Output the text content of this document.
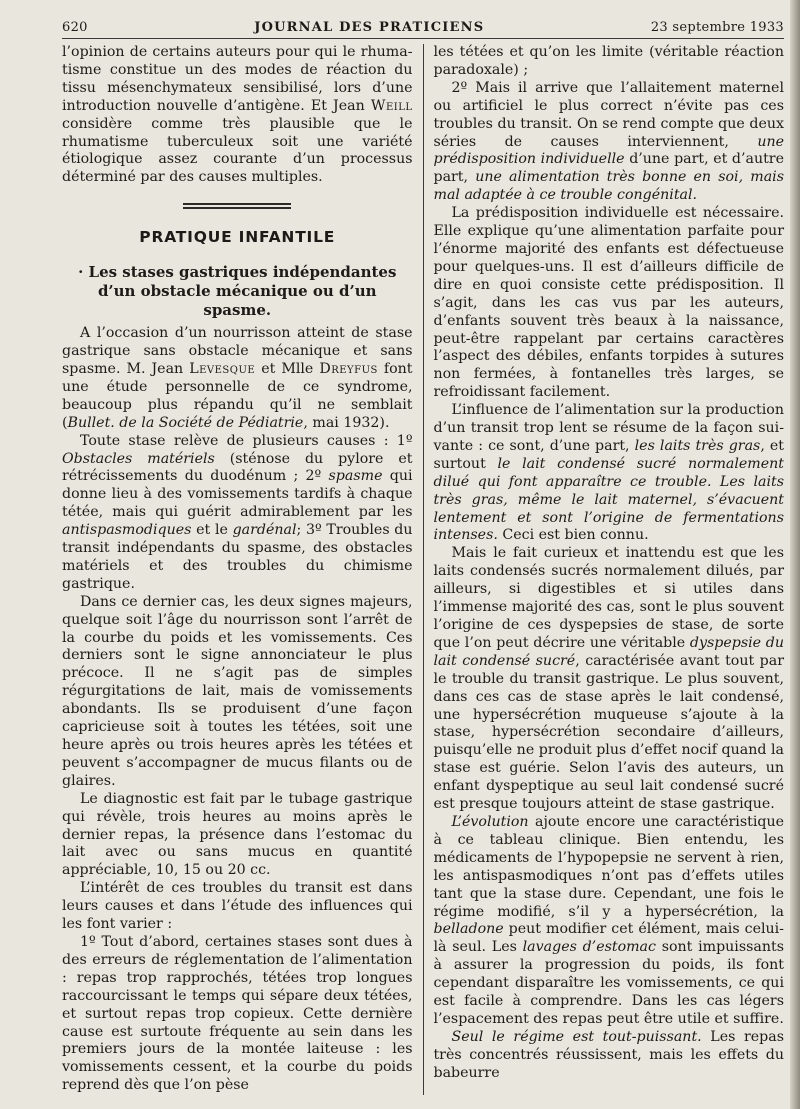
620	JOURNAL DES PRATICIENS	23 septembre 1933

l’opinion de certains auteurs pour qui le rhumatisme constitue un des modes de réaction du tissu mésenchymateux sensibilisé, lors d’une introduction nouvelle d’antigène. Et Jean Weill considère comme très plausible que le rhumatisme tuberculeux soit une variété étiologique assez courante d’un processus déterminé par des causes multiples.

PRATIQUE INFANTILE
· Les stases gastriques indépendantes d’un obstacle mécanique ou d’un spasme.

A l’occasion d’un nourrisson atteint de stase gastrique sans obstacle mécanique et sans spasme. M. Jean Levesque et Mlle Dreyfus font une étude personnelle de ce syndrome, beaucoup plus répandu qu’il ne semblait (Bullet. de la Société de Pédiatrie, mai 1932).

Toute stase relève de plusieurs causes : 1º Obstacles matériels (sténose du pylore et rétrécissements du duodénum ; 2º spasme qui donne lieu à des vomissements tardifs à chaque tétée, mais qui guérit admirablement par les antispasmodiques et le gardénal; 3º Troubles du transit indépendants du spasme, des obstacles matériels et des troubles du chimisme gastrique.

Dans ce dernier cas, les deux signes majeurs, quelque soit l’âge du nourrisson sont l’arrêt de la courbe du poids et les vomissements. Ces derniers sont le signe annonciateur le plus précoce. Il ne s’agit pas de simples régurgitations de lait, mais de vomissements abondants. Ils se produisent d’une façon capricieuse soit à toutes les tétées, soit une heure après ou trois heures après les tétées et peuvent s’accompagner de mucus filants ou de glaires.

Le diagnostic est fait par le tubage gastrique qui révèle, trois heures au moins après le dernier repas, la présence dans l’estomac du lait avec ou sans mucus en quantité appréciable, 10, 15 ou 20 cc.

L’intérêt de ces troubles du transit est dans leurs causes et dans l’étude des influences qui les font varier :

1º Tout d’abord, certaines stases sont dues à des erreurs de réglementation de l’alimentation : repas trop rapprochés, tétées trop longues raccourcissant le temps qui sépare deux tétées, et surtout repas trop copieux. Cette dernière cause est surtoute fréquente au sein dans les premiers jours de la montée laiteuse : les vomissements cessent, et la courbe du poids reprend dès que l’on pèse

les tétées et qu’on les limite (véritable réaction paradoxale) ;

2º Mais il arrive que l’allaitement maternel ou artificiel le plus correct n’évite pas ces troubles du transit. On se rend compte que deux séries de causes interviennent, une prédisposition individuelle d’une part, et d’autre part, une alimentation très bonne en soi, mais mal adaptée à ce trouble congénital.

La prédisposition individuelle est nécessaire. Elle explique qu’une alimentation parfaite pour l’énorme majorité des enfants est défectueuse pour quelques-uns. Il est d’ailleurs difficile de dire en quoi consiste cette prédisposition. Il s’agit, dans les cas vus par les auteurs, d’enfants souvent très beaux à la naissance, peut-être rappelant par certains caractères l’aspect des débiles, enfants torpides à sutures non fermées, à fontanelles très larges, se refroidissant facilement.

L’influence de l’alimentation sur la production d’un transit trop lent se résume de la façon suivante : ce sont, d’une part, les laits très gras, et surtout le lait condensé sucré normalement dilué qui font apparaître ce trouble. Les laits très gras, même le lait maternel, s’évacuent lentement et sont l’origine de fermentations intenses. Ceci est bien connu.

Mais le fait curieux et inattendu est que les laits condensés sucrés normalement dilués, par ailleurs, si digestibles et si utiles dans l’immense majorité des cas, sont le plus souvent l’origine de ces dyspepsies de stase, de sorte que l’on peut décrire une véritable dyspepsie du lait condensé sucré, caractérisée avant tout par le trouble du transit gastrique. Le plus souvent, dans ces cas de stase après le lait condensé, une hypersécrétion muqueuse s’ajoute à la stase, hypersécrétion secondaire d’ailleurs, puisqu’elle ne produit plus d’effet nocif quand la stase est guérie. Selon l’avis des auteurs, un enfant dyspeptique au seul lait condensé sucré est presque toujours atteint de stase gastrique.

L’évolution ajoute encore une caractéristique à ce tableau clinique. Bien entendu, les médicaments de l’hypopepsie ne servent à rien, les antispasmodiques n’ont pas d’effets utiles tant que la stase dure. Cependant, une fois le régime modifié, s’il y a hypersécrétion, la belladone peut modifier cet élément, mais celui-là seul. Les lavages d’estomac sont impuissants à assurer la progression du poids, ils font cependant disparaître les vomissements, ce qui est facile à comprendre. Dans les cas légers l’espacement des repas peut être utile et suffire.

Seul le régime est tout-puissant. Les repas très concentrés réussissent, mais les effets du babeurre
